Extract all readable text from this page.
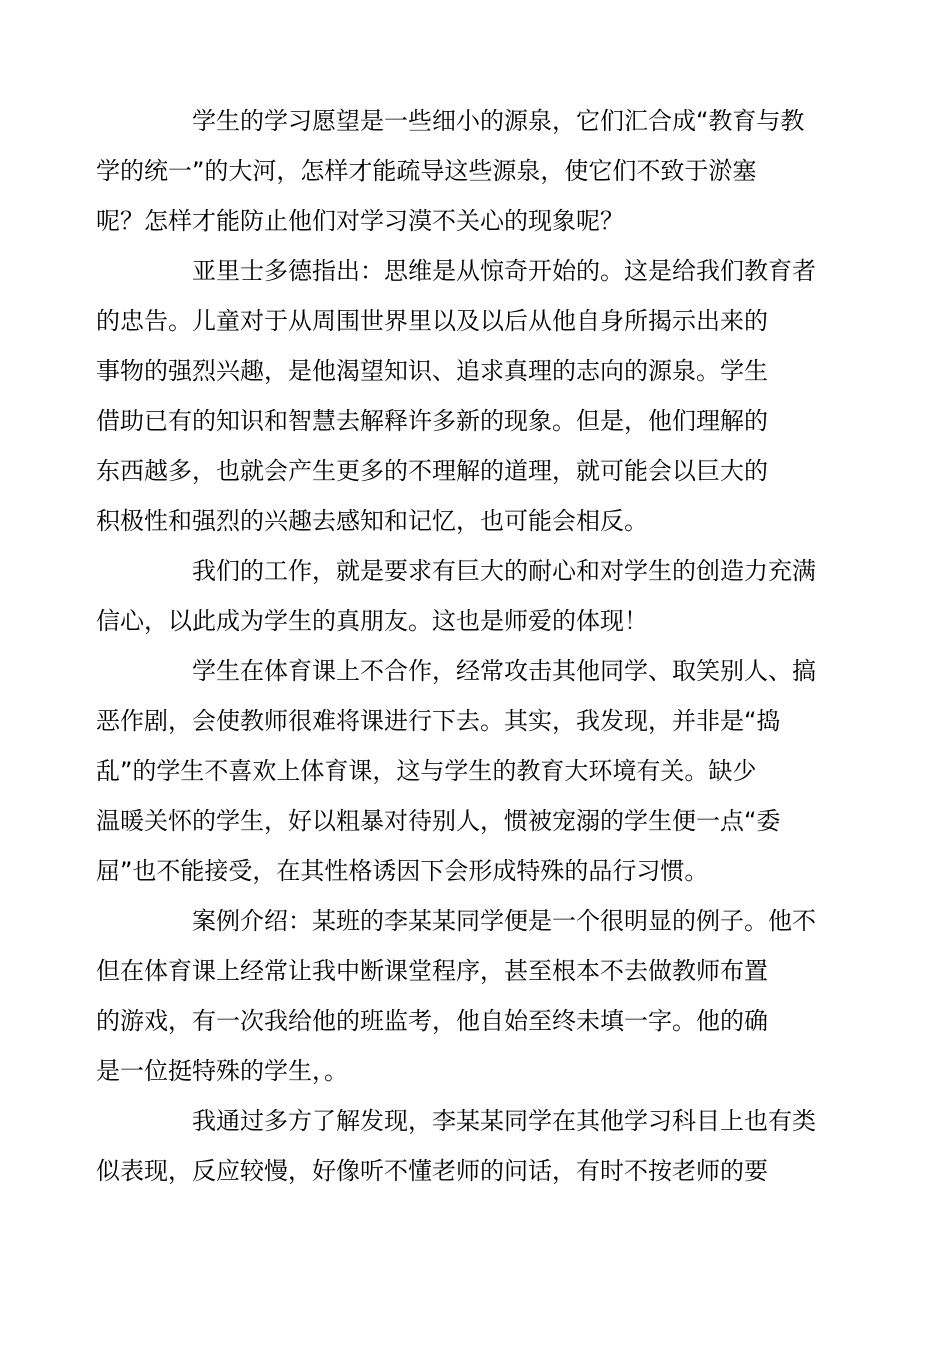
学生的学习愿望是一些细小的源泉，它们汇合成“教育与教
学的统一”的大河，怎样才能疏导这些源泉，使它们不致于淤塞
呢？怎样才能防止他们对学习漠不关心的现象呢？

亚里士多德指出：思维是从惊奇开始的。这是给我们教育者
的忠告。儿童对于从周围世界里以及以后从他自身所揭示出来的
事物的强烈兴趣，是他渴望知识、追求真理的志向的源泉。学生
借助已有的知识和智慧去解释许多新的现象。但是，他们理解的
东西越多，也就会产生更多的不理解的道理，就可能会以巨大的
积极性和强烈的兴趣去感知和记忆，也可能会相反。

我们的工作，就是要求有巨大的耐心和对学生的创造力充满
信心，以此成为学生的真朋友。这也是师爱的体现！

学生在体育课上不合作，经常攻击其他同学、取笑别人、搞
恶作剧，会使教师很难将课进行下去。其实，我发现，并非是“捣
乱”的学生不喜欢上体育课，这与学生的教育大环境有关。缺少
温暖关怀的学生，好以粗暴对待别人，惯被宠溺的学生便一点“委
屈”也不能接受，在其性格诱因下会形成特殊的品行习惯。

案例介绍：某班的李某某同学便是一个很明显的例子。他不
但在体育课上经常让我中断课堂程序，甚至根本不去做教师布置
的游戏，有一次我给他的班监考，他自始至终未填一字。他的确
是一位挺特殊的学生，。

我通过多方了解发现，李某某同学在其他学习科目上也有类
似表现，反应较慢，好像听不懂老师的问话，有时不按老师的要
